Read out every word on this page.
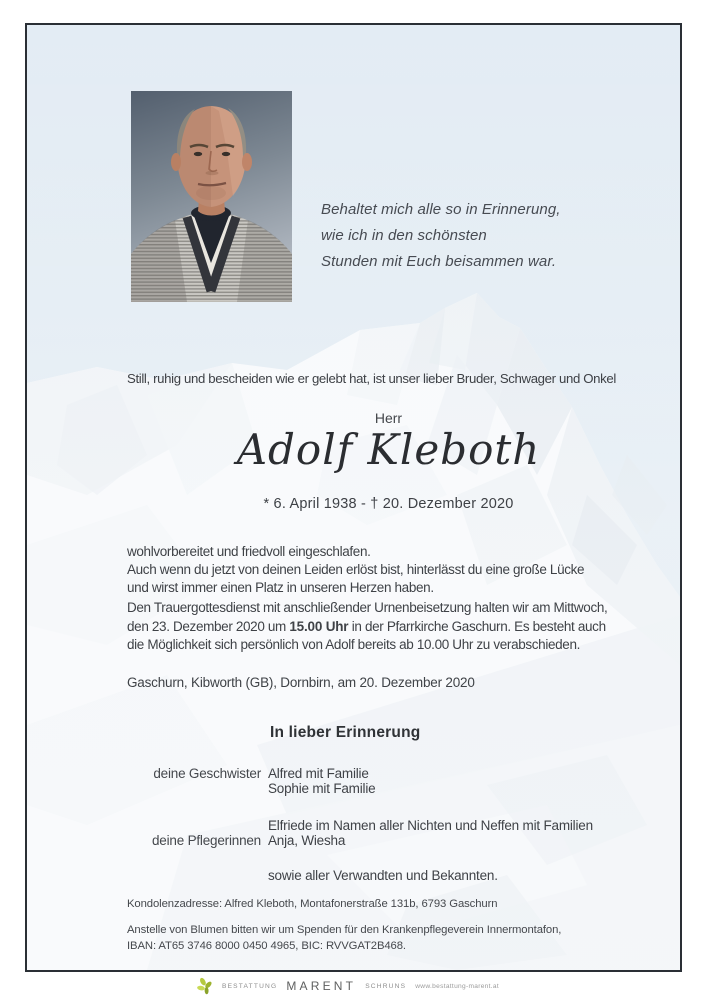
Behaltet mich alle so in Erinnerung,
wie ich in den schönsten
Stunden mit Euch beisammen war.
Still, ruhig und bescheiden wie er gelebt hat, ist unser lieber Bruder, Schwager und Onkel
Herr
Adolf Kleboth
* 6. April 1938 - † 20. Dezember 2020
wohlvorbereitet und friedvoll eingeschlafen.
Auch wenn du jetzt von deinen Leiden erlöst bist, hinterlässt du eine große Lücke
und wirst immer einen Platz in unseren Herzen haben.
Den Trauergottesdienst mit anschließender Urnenbeisetzung halten wir am Mittwoch,
den 23. Dezember 2020 um 15.00 Uhr in der Pfarrkirche Gaschurn. Es besteht auch
die Möglichkeit sich persönlich von Adolf bereits ab 10.00 Uhr zu verabschieden.
Gaschurn, Kibworth (GB), Dornbirn, am 20. Dezember 2020
In lieber Erinnerung
deine Geschwister Alfred mit Familie
Sophie mit Familie
Elfriede im Namen aller Nichten und Neffen mit Familien
deine Pflegerinnen Anja, Wiesha
sowie aller Verwandten und Bekannten.
Kondolenzadresse: Alfred Kleboth, Montafonerstraße 131b, 6793 Gaschurn
Anstelle von Blumen bitten wir um Spenden für den Krankenpflegeverein Innermontafon,
IBAN: AT65 3746 8000 0450 4965, BIC: RVVGAT2B468.
BESTATTUNG MARENT SCHRUNS www.bestattung-marent.at
